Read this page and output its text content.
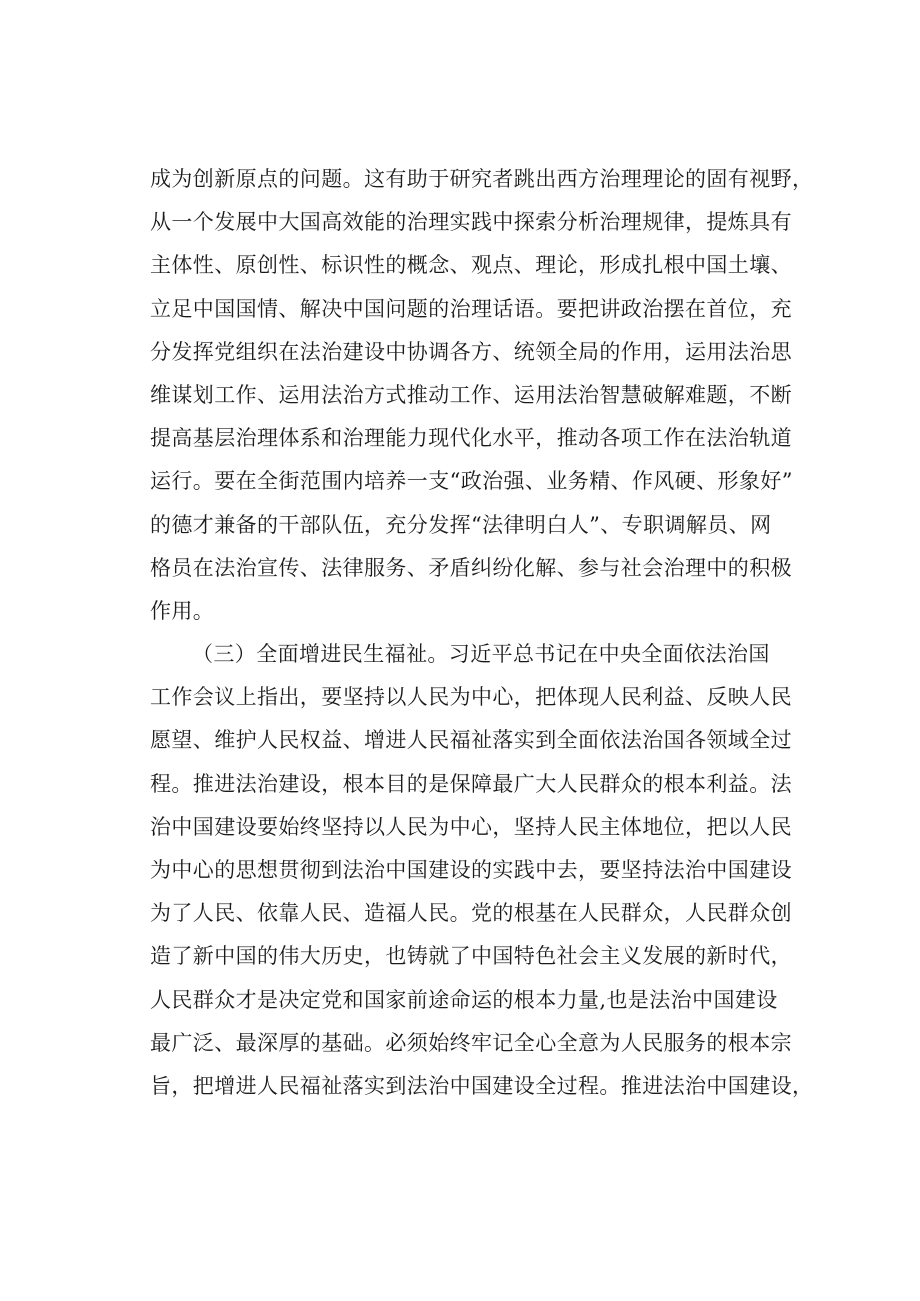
成为创新原点的问题。这有助于研究者跳出西方治理理论的固有视野，
从一个发展中大国高效能的治理实践中探索分析治理规律，提炼具有
主体性、原创性、标识性的概念、观点、理论，形成扎根中国土壤、
立足中国国情、解决中国问题的治理话语。要把讲政治摆在首位，充
分发挥党组织在法治建设中协调各方、统领全局的作用，运用法治思
维谋划工作、运用法治方式推动工作、运用法治智慧破解难题，不断
提高基层治理体系和治理能力现代化水平，推动各项工作在法治轨道
运行。要在全街范围内培养一支“政治强、业务精、作风硬、形象好”
的德才兼备的干部队伍，充分发挥“法律明白人”、专职调解员、网
格员在法治宣传、法律服务、矛盾纠纷化解、参与社会治理中的积极
作用。
（三）全面增进民生福祉。习近平总书记在中央全面依法治国
工作会议上指出，要坚持以人民为中心，把体现人民利益、反映人民
愿望、维护人民权益、增进人民福祉落实到全面依法治国各领域全过
程。推进法治建设，根本目的是保障最广大人民群众的根本利益。法
治中国建设要始终坚持以人民为中心，坚持人民主体地位，把以人民
为中心的思想贯彻到法治中国建设的实践中去，要坚持法治中国建设
为了人民、依靠人民、造福人民。党的根基在人民群众，人民群众创
造了新中国的伟大历史，也铸就了中国特色社会主义发展的新时代，
人民群众才是决定党和国家前途命运的根本力量,也是法治中国建设
最广泛、最深厚的基础。必须始终牢记全心全意为人民服务的根本宗
旨，把增进人民福祉落实到法治中国建设全过程。推进法治中国建设，
